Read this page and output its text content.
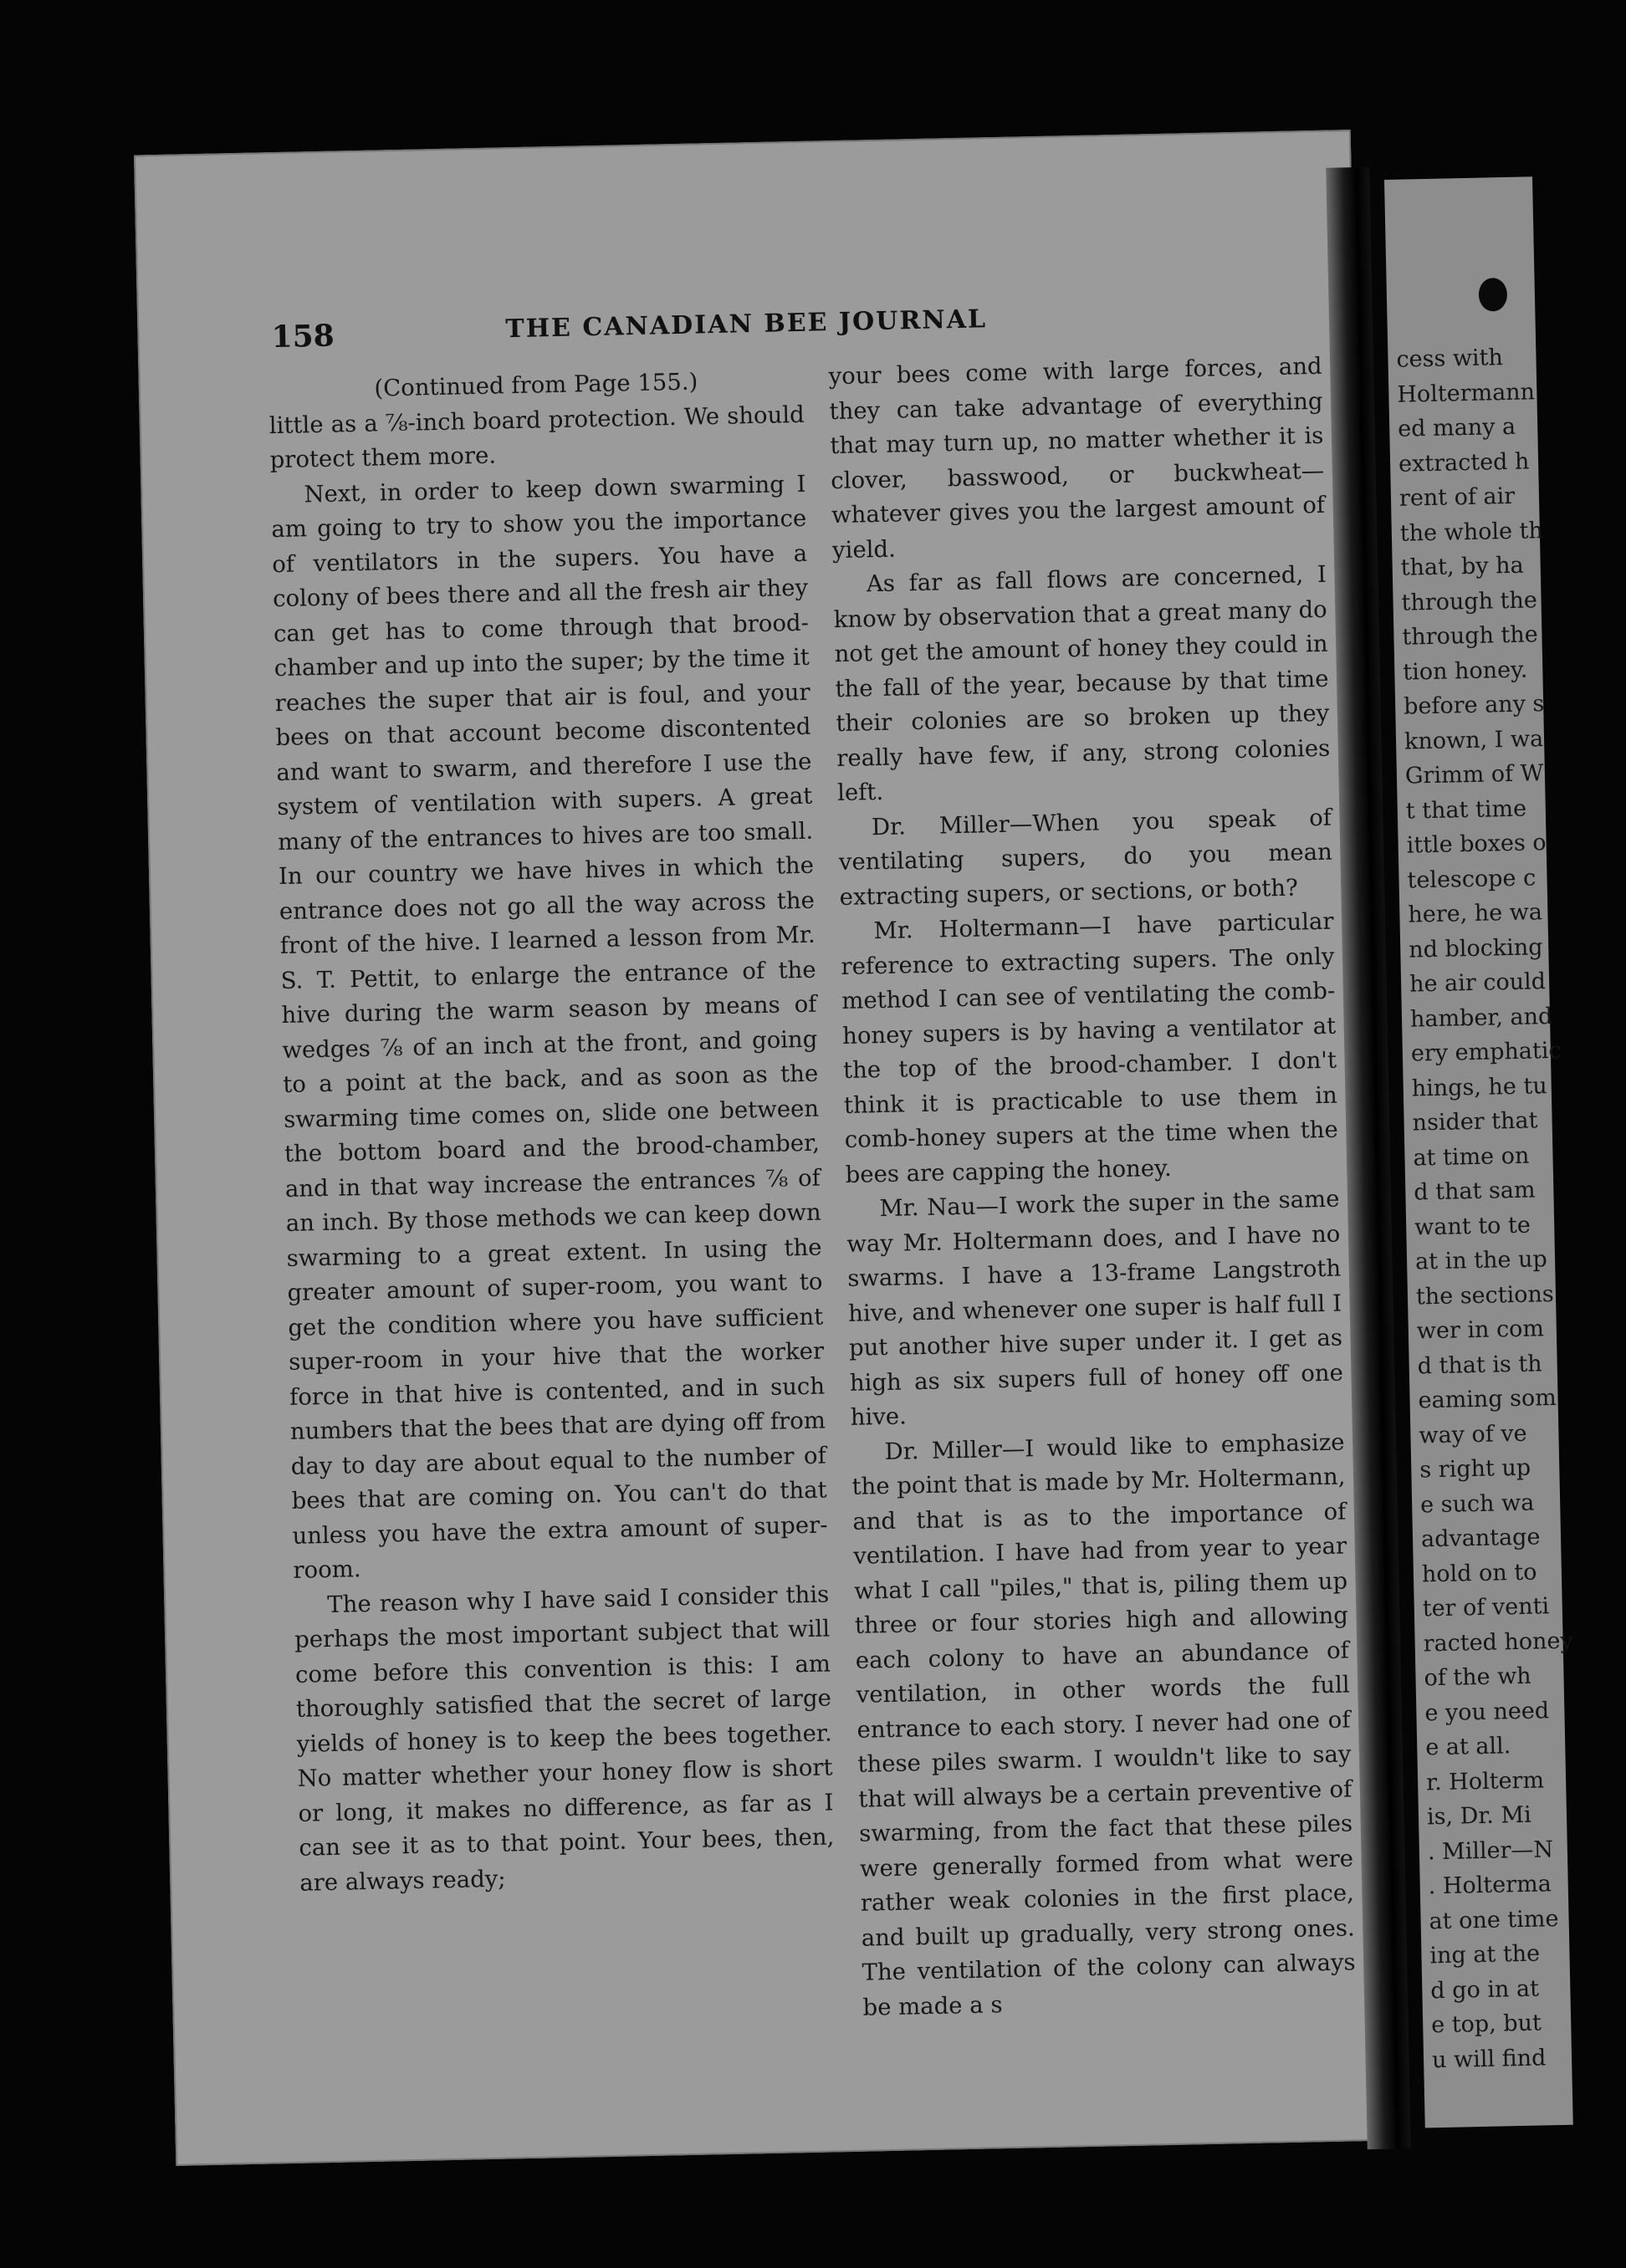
158	THE CANADIAN BEE JOURNAL

(Continued from Page 155.)

little as a ⅞-inch board protection. We should protect them more.

Next, in order to keep down swarming I am going to try to show you the importance of ventilators in the supers. You have a colony of bees there and all the fresh air they can get has to come through that brood-chamber and up into the super; by the time it reaches the super that air is foul, and your bees on that account become discontented and want to swarm, and therefore I use the system of ventilation with supers. A great many of the entrances to hives are too small. In our country we have hives in which the entrance does not go all the way across the front of the hive. I learned a lesson from Mr. S. T. Pettit, to enlarge the entrance of the hive during the warm season by means of wedges ⅞ of an inch at the front, and going to a point at the back, and as soon as the swarming time comes on, slide one between the bottom board and the brood-chamber, and in that way increase the entrances ⅞ of an inch. By those methods we can keep down swarming to a great extent. In using the greater amount of super-room, you want to get the condition where you have sufficient super-room in your hive that the worker force in that hive is contented, and in such numbers that the bees that are dying off from day to day are about equal to the number of bees that are coming on. You can't do that unless you have the extra amount of super-room.

The reason why I have said I consider this perhaps the most important subject that will come before this convention is this: I am thoroughly satisfied that the secret of large yields of honey is to keep the bees together. No matter whether your honey flow is short or long, it makes no difference, as far as I can see it as to that point. Your bees, then, are always ready;

your bees come with large forces, and they can take advantage of everything that may turn up, no matter whether it is clover, basswood, or buckwheat—whatever gives you the largest amount of yield.

As far as fall flows are concerned, I know by observation that a great many do not get the amount of honey they could in the fall of the year, because by that time their colonies are so broken up they really have few, if any, strong colonies left.

Dr. Miller—When you speak of ventilating supers, do you mean extracting supers, or sections, or both?

Mr. Holtermann—I have particular reference to extracting supers. The only method I can see of ventilating the comb-honey supers is by having a ventilator at the top of the brood-chamber. I don't think it is practicable to use them in comb-honey supers at the time when the bees are capping the honey.

Mr. Nau—I work the super in the same way Mr. Holtermann does, and I have no swarms. I have a 13-frame Langstroth hive, and whenever one super is half full I put another hive super under it. I get as high as six supers full of honey off one hive.

Dr. Miller—I would like to emphasize the point that is made by Mr. Holtermann, and that is as to the importance of ventilation. I have had from year to year what I call "piles," that is, piling them up three or four stories high and allowing each colony to have an abundance of ventilation, in other words the full entrance to each story. I never had one of these piles swarm. I wouldn't like to say that will always be a certain preventive of swarming, from the fact that these piles were generally formed from what were rather weak colonies in the first place, and built up gradually, very strong ones. The ventilation of the colony can always be made a s

cess with
Holtermann
ed many a
extracted h
rent of air
the whole th
that, by ha
through the
through the
tion honey.
before any s
known, I wa
Grimm of W
t that time
ittle boxes o
telescope c
here, he wa
nd blocking
he air could
hamber, and
ery emphatic
hings, he tu
nsider that
at time on
d that sam
want to te
at in the up
the sections
wer in com
d that is th
eaming som
way of ve
s right up
e such wa
advantage
hold on to
ter of venti
racted honey
of the wh
e you need
e at all.
r. Holterm
is, Dr. Mi
. Miller—N
. Holterma
at one time
ing at the
d go in at
e top, but
u will find
